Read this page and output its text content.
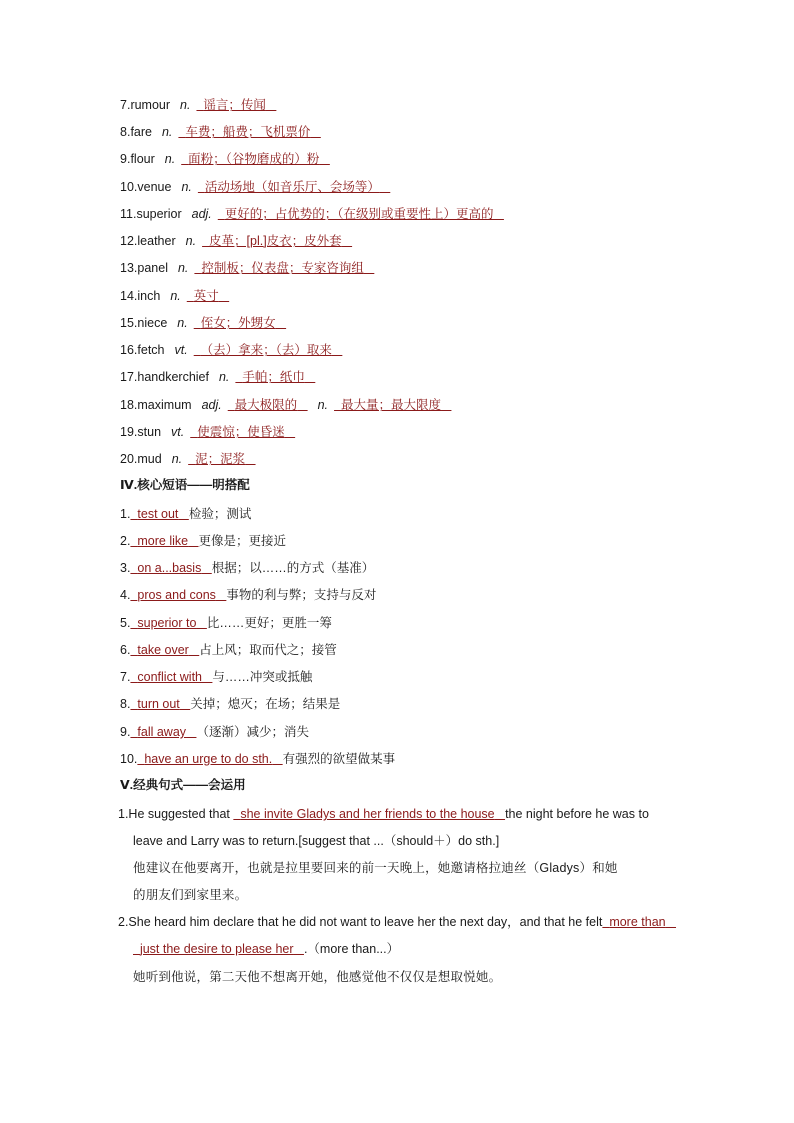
7.rumour n. 谣言；传闻
8.fare n. 车费；船费；飞机票价
9.flour n. 面粉；（谷物磨成的）粉
10.venue n. 活动场地（如音乐厅、会场等）
11.superior adj. 更好的；占优势的；（在级别或重要性上）更高的
12.leather n. 皮革；[pl.]皮衣；皮外套
13.panel n. 控制板；仪表盘；专家咨询组
14.inch n. 英寸
15.niece n. 侄女；外甥女
16.fetch vt. （去）拿来；（去）取来
17.handkerchief n. 手帕；纸巾
18.maximum adj. 最大极限的 n. 最大量；最大限度
19.stun vt. 使震惊；使昏迷
20.mud n. 泥；泥浆
Ⅳ.核心短语——明搭配
1. test out 检验；测试
2. more like 更像是；更接近
3. on a...basis 根据；以……的方式（基准）
4. pros and cons 事物的利与弊；支持与反对
5. superior to 比……更好；更胜一筹
6. take over 占上风；取而代之；接管
7. conflict with 与……冲突或抵触
8. turn out 关掉；熄灭；在场；结果是
9. fall away （逐渐）减少；消失
10. have an urge to do sth. 有强烈的欲望做某事
Ⅴ.经典句式——会运用
1.He suggested that she invite Gladys and her friends to the house the night before he was to
leave and Larry was to return.[suggest that ...（should＋）do sth.]
他建议在他要离开，也就是拉里要回来的前一天晚上，她邀请格拉迪丝（Gladys）和她
的朋友们到家里来。
2.She heard him declare that he did not want to leave her the next day，and that he felt more than
just the desire to please her .（more than...）
她听到他说，第二天他不想离开她，他感觉他不仅仅是想取悦她。
